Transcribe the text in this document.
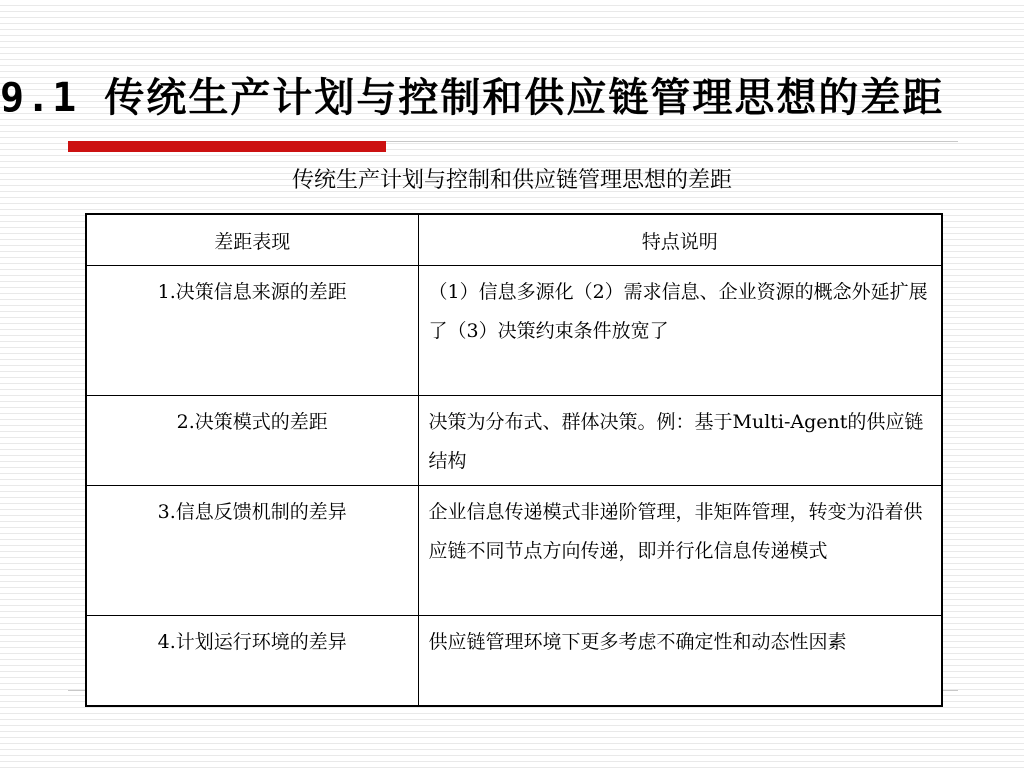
9.1 传统生产计划与控制和供应链管理思想的差距

传统生产计划与控制和供应链管理思想的差距

差距表现	特点说明
1.决策信息来源的差距	（1）信息多源化（2）需求信息、企业资源的概念外延扩展了（3）决策约束条件放宽了
2.决策模式的差距	决策为分布式、群体决策。例：基于Multi-Agent的供应链结构
3.信息反馈机制的差异	企业信息传递模式非递阶管理，非矩阵管理，转变为沿着供应链不同节点方向传递，即并行化信息传递模式
4.计划运行环境的差异	供应链管理环境下更多考虑不确定性和动态性因素
